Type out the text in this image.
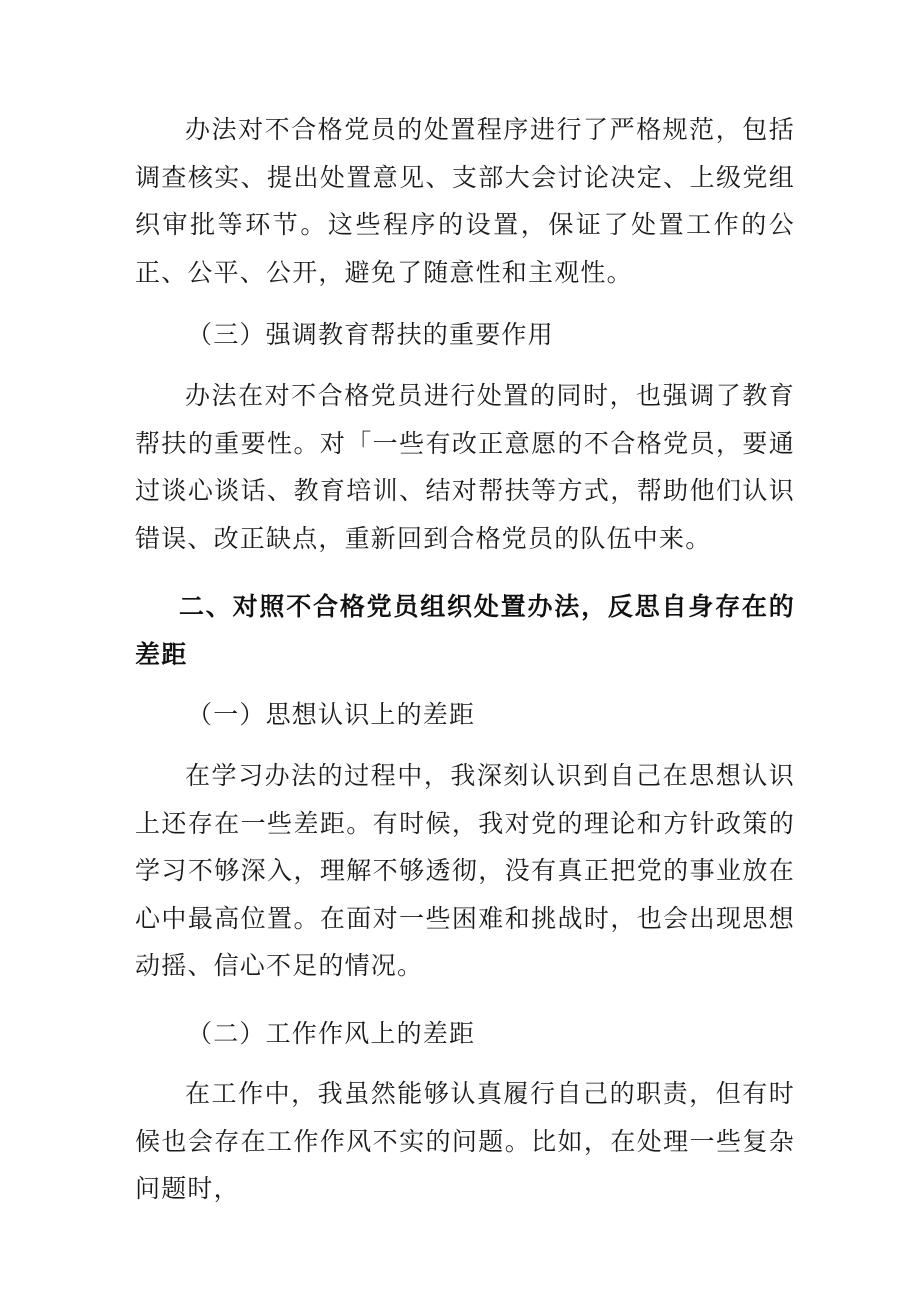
办法对不合格党员的处置程序进行了严格规范，包括调查核实、提出处置意见、支部大会讨论决定、上级党组织审批等环节。这些程序的设置，保证了处置工作的公正、公平、公开，避免了随意性和主观性。

（三）强调教育帮扶的重要作用

办法在对不合格党员进行处置的同时，也强调了教育帮扶的重要性。对「一些有改正意愿的不合格党员，要通过谈心谈话、教育培训、结对帮扶等方式，帮助他们认识错误、改正缺点，重新回到合格党员的队伍中来。

二、对照不合格党员组织处置办法，反思自身存在的差距

（一）思想认识上的差距

在学习办法的过程中，我深刻认识到自己在思想认识上还存在一些差距。有时候，我对党的理论和方针政策的学习不够深入，理解不够透彻，没有真正把党的事业放在心中最高位置。在面对一些困难和挑战时，也会出现思想动摇、信心不足的情况。

（二）工作作风上的差距

在工作中，我虽然能够认真履行自己的职责，但有时候也会存在工作作风不实的问题。比如，在处理一些复杂问题时，
